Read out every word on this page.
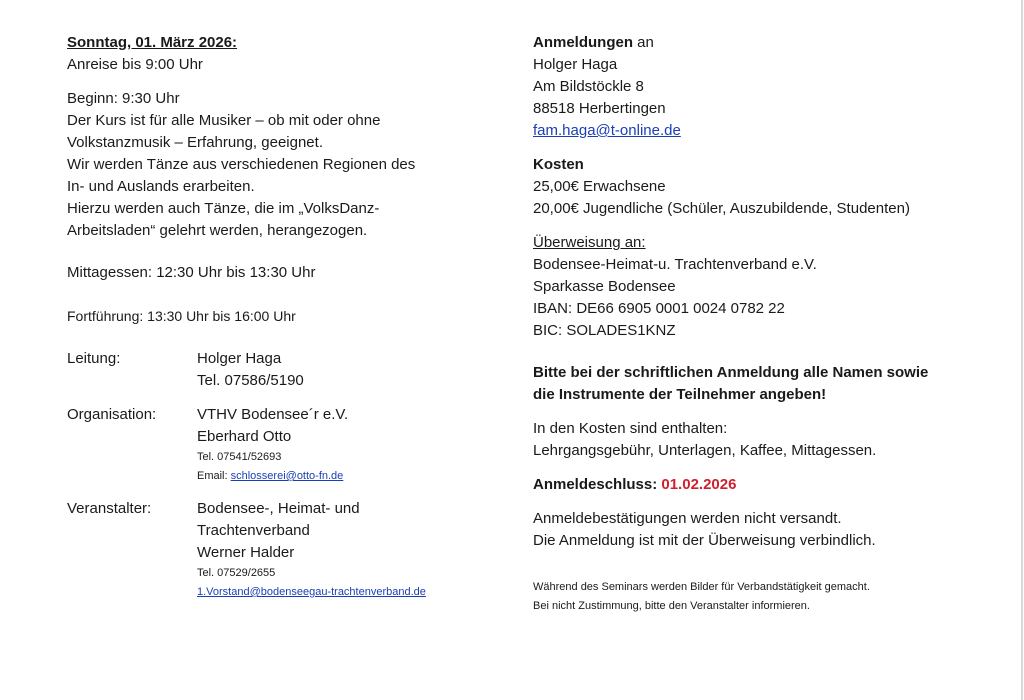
Sonntag, 01. März 2026:
Anreise bis 9:00 Uhr
Beginn: 9:30 Uhr
Der Kurs ist für alle Musiker – ob mit oder ohne
Volkstanzmusik – Erfahrung, geeignet.
Wir werden Tänze aus verschiedenen Regionen des
In- und Auslands erarbeiten.
Hierzu werden auch Tänze, die im „VolksDanz-
Arbeitsladen“ gelehrt werden, herangezogen.
Mittagessen: 12:30 Uhr bis 13:30 Uhr
Fortführung: 13:30 Uhr bis 16:00 Uhr
Leitung:	Holger Haga
Tel. 07586/5190
Organisation:	VTHV Bodensee´r e.V.
Eberhard Otto
Tel. 07541/52693
Email: schlosserei@otto-fn.de
Veranstalter:	Bodensee-, Heimat- und
Trachtenverband
Werner Halder
Tel. 07529/2655
1.Vorstand@bodenseegau-trachtenverband.de
Anmeldungen an
Holger Haga
Am Bildstöckle 8
88518 Herbertingen
fam.haga@t-online.de
Kosten
25,00€ Erwachsene
20,00€ Jugendliche (Schüler, Auszubildende, Studenten)
Überweisung an:
Bodensee-Heimat-u. Trachtenverband e.V.
Sparkasse Bodensee
IBAN: DE66 6905 0001 0024 0782 22
BIC: SOLADES1KNZ
Bitte bei der schriftlichen Anmeldung alle Namen sowie
die Instrumente der Teilnehmer angeben!
In den Kosten sind enthalten:
Lehrgangsgebühr, Unterlagen, Kaffee, Mittagessen.
Anmeldeschluss: 01.02.2026
Anmeldebestätigungen werden nicht versandt.
Die Anmeldung ist mit der Überweisung verbindlich.
Während des Seminars werden Bilder für Verbandstätigkeit gemacht.
Bei nicht Zustimmung, bitte den Veranstalter informieren.
